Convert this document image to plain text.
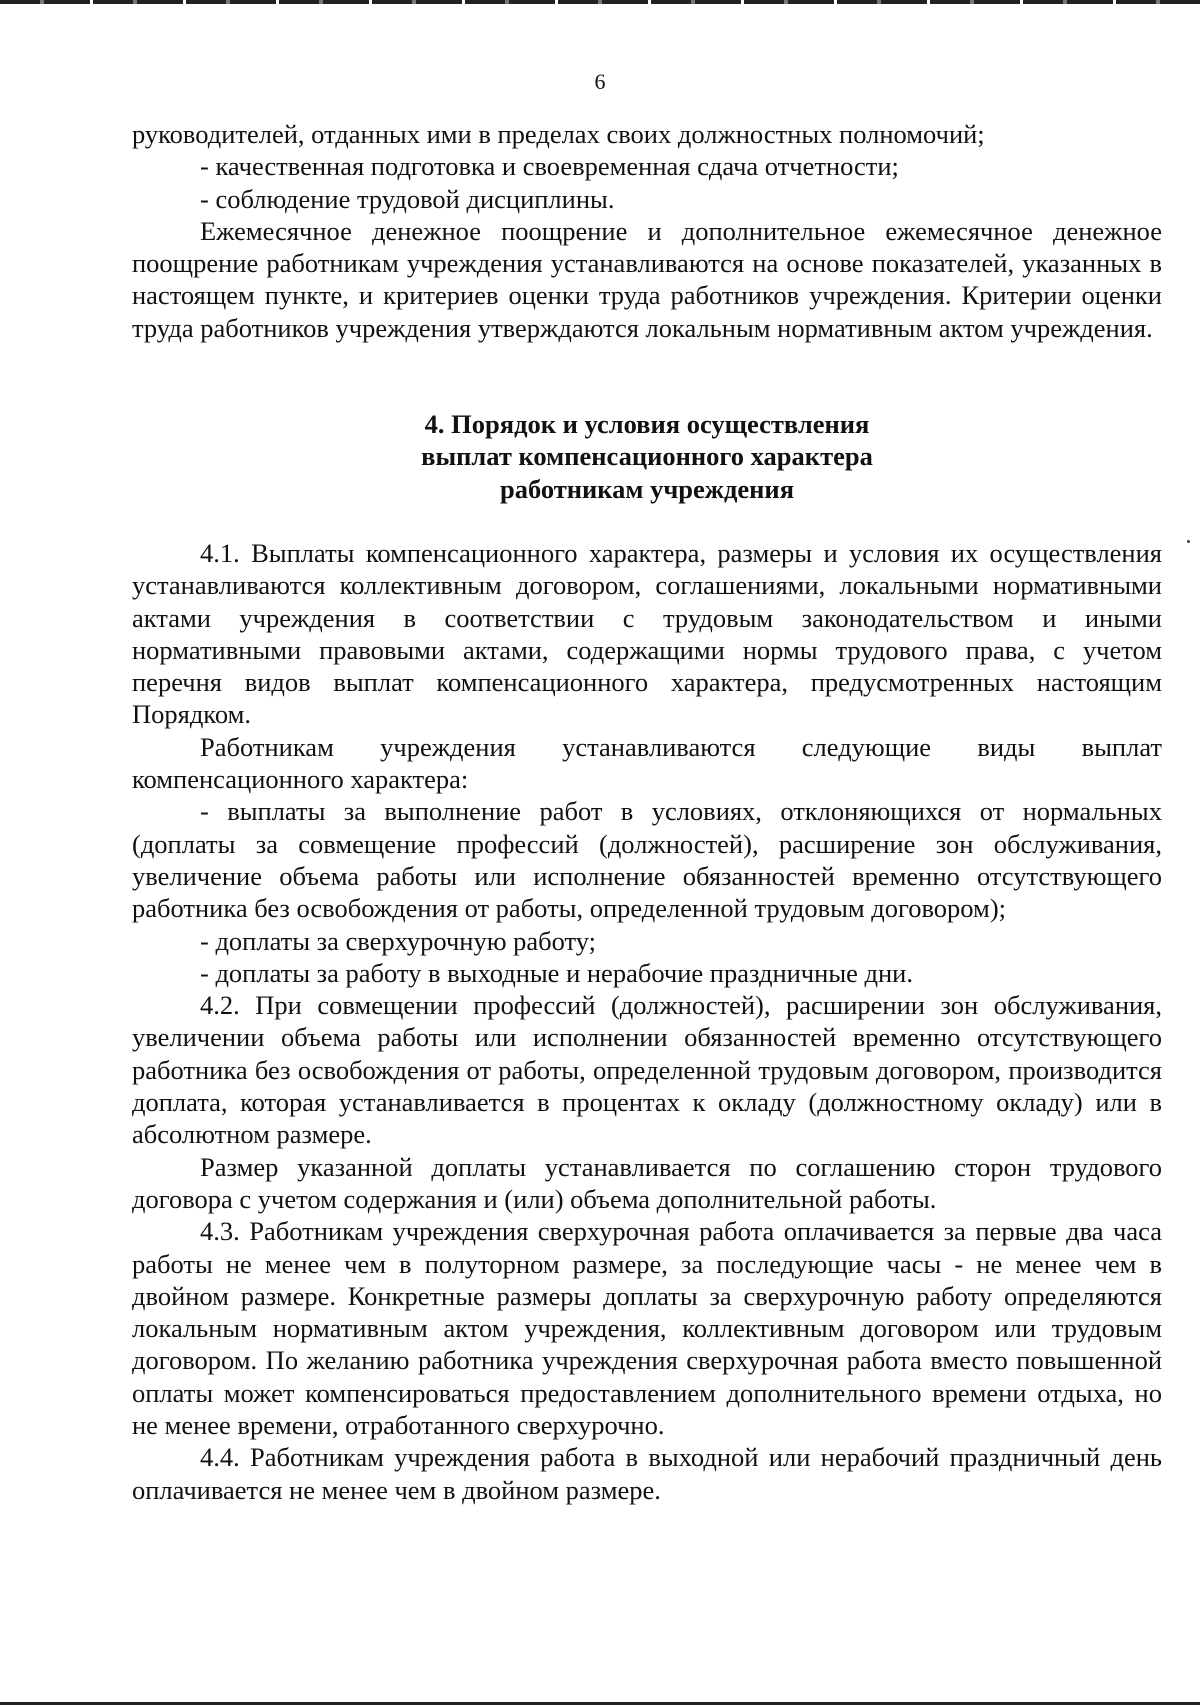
6

руководителей, отданных ими в пределах своих должностных полномочий;

- качественная подготовка и своевременная сдача отчетности;

- соблюдение трудовой дисциплины.

Ежемесячное денежное поощрение и дополнительное ежемесячное денежное поощрение работникам учреждения устанавливаются на основе показателей, указанных в настоящем пункте, и критериев оценки труда работников учреждения. Критерии оценки труда работников учреждения утверждаются локальным нормативным актом учреждения.

4. Порядок и условия осуществления
выплат компенсационного характера
работникам учреждения

4.1. Выплаты компенсационного характера, размеры и условия их осуществления устанавливаются коллективным договором, соглашениями, локальными нормативными актами учреждения в соответствии с трудовым законодательством и иными нормативными правовыми актами, содержащими нормы трудового права, с учетом перечня видов выплат компенсационного характера, предусмотренных настоящим Порядком.

Работникам учреждения устанавливаются следующие виды выплат компенсационного характера:

- выплаты за выполнение работ в условиях, отклоняющихся от нормальных (доплаты за совмещение профессий (должностей), расширение зон обслуживания, увеличение объема работы или исполнение обязанностей временно отсутствующего работника без освобождения от работы, определенной трудовым договором);

- доплаты за сверхурочную работу;

- доплаты за работу в выходные и нерабочие праздничные дни.

4.2. При совмещении профессий (должностей), расширении зон обслуживания, увеличении объема работы или исполнении обязанностей временно отсутствующего работника без освобождения от работы, определенной трудовым договором, производится доплата, которая устанавливается в процентах к окладу (должностному окладу) или в абсолютном размере.

Размер указанной доплаты устанавливается по соглашению сторон трудового договора с учетом содержания и (или) объема дополнительной работы.

4.3. Работникам учреждения сверхурочная работа оплачивается за первые два часа работы не менее чем в полуторном размере, за последующие часы - не менее чем в двойном размере. Конкретные размеры доплаты за сверхурочную работу определяются локальным нормативным актом учреждения, коллективным договором или трудовым договором. По желанию работника учреждения сверхурочная работа вместо повышенной оплаты может компенсироваться предоставлением дополнительного времени отдыха, но не менее времени, отработанного сверхурочно.

4.4. Работникам учреждения работа в выходной или нерабочий праздничный день оплачивается не менее чем в двойном размере.
